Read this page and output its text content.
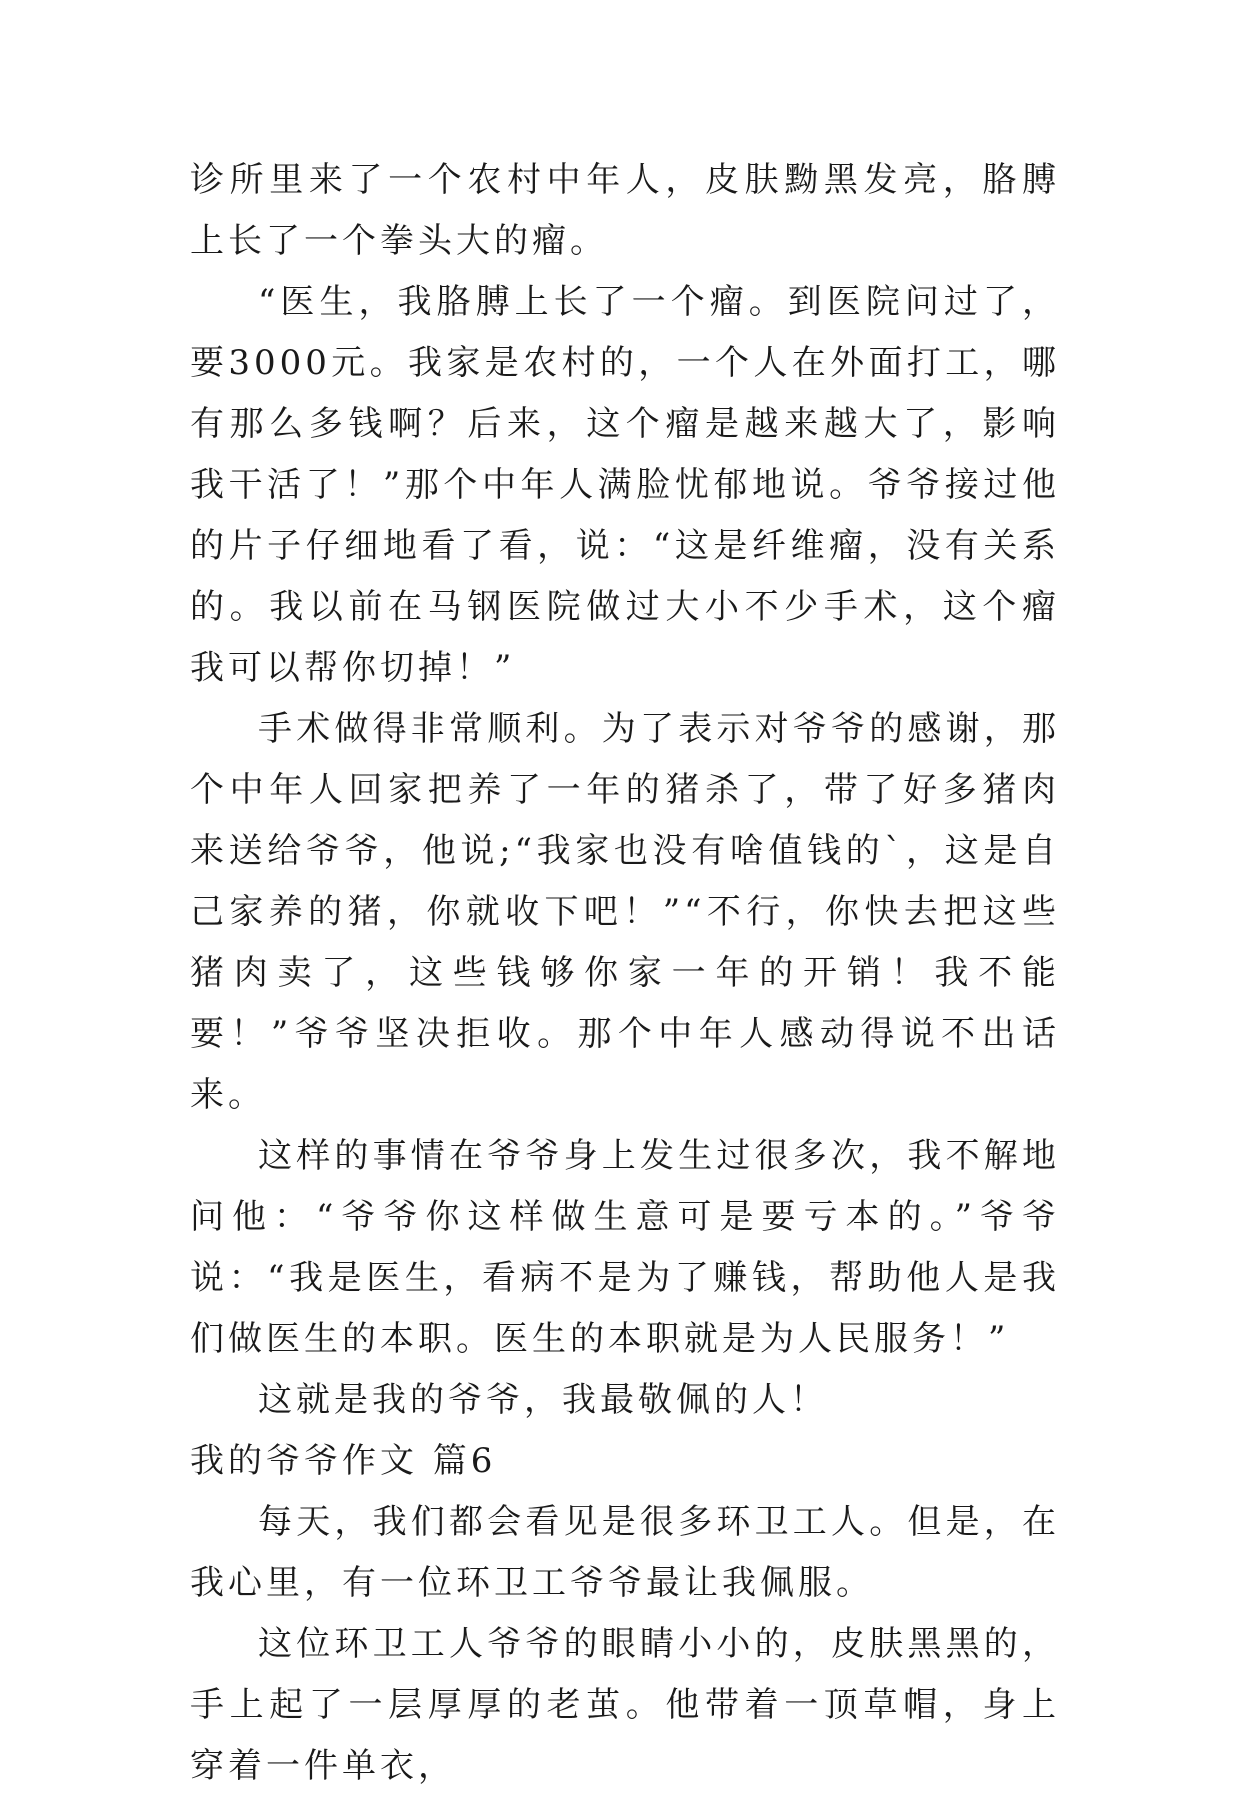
诊所里来了一个农村中年人，皮肤黝黑发亮，胳膊上长了一个拳头大的瘤。

“医生，我胳膊上长了一个瘤。到医院问过了，要3000元。我家是农村的，一个人在外面打工，哪有那么多钱啊？后来，这个瘤是越来越大了，影响我干活了！”那个中年人满脸忧郁地说。爷爷接过他的片子仔细地看了看，说：“这是纤维瘤，没有关系的。我以前在马钢医院做过大小不少手术，这个瘤我可以帮你切掉！”

手术做得非常顺利。为了表示对爷爷的感谢，那个中年人回家把养了一年的猪杀了，带了好多猪肉来送给爷爷，他说;“我家也没有啥值钱的`，这是自己家养的猪，你就收下吧！”“不行，你快去把这些猪肉卖了，这些钱够你家一年的开销！我不能要！”爷爷坚决拒收。那个中年人感动得说不出话来。

这样的事情在爷爷身上发生过很多次，我不解地问他：“爷爷你这样做生意可是要亏本的。”爷爷说：“我是医生，看病不是为了赚钱，帮助他人是我们做医生的本职。医生的本职就是为人民服务！”

这就是我的爷爷，我最敬佩的人！

我的爷爷作文 篇6

每天，我们都会看见是很多环卫工人。但是，在我心里，有一位环卫工爷爷最让我佩服。

这位环卫工人爷爷的眼睛小小的，皮肤黑黑的，手上起了一层厚厚的老茧。他带着一顶草帽，身上穿着一件单衣，
